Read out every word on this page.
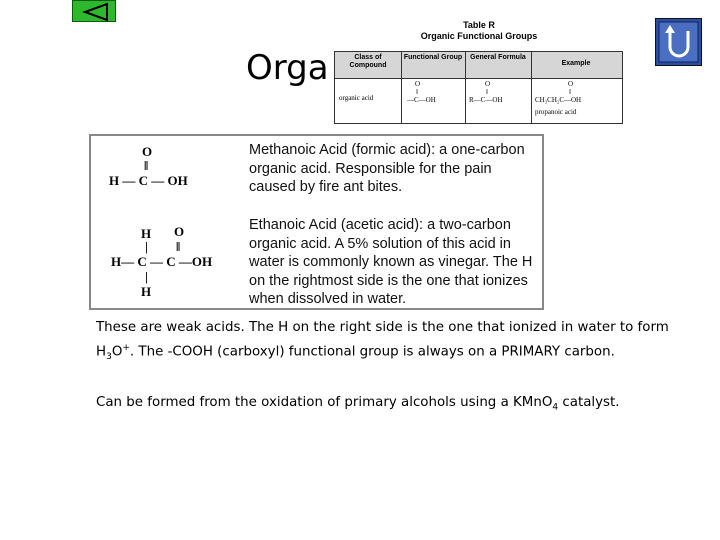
Orga
Table R
Organic Functional Groups
Class of Compound
Functional Group	General Formula
Example
organic acid
O
‖
—C—OH
O
‖
R—C—OH
O
‖
CH₃CH₂C—OH
propanoic acid
O
‖
H — C — OH
Methanoic Acid (formic acid): a one-carbon organic acid. Responsible for the pain caused by fire ant bites.
H O
| ‖
H— C — C —OH
|
H
Ethanoic Acid (acetic acid): a two-carbon organic acid. A 5% solution of this acid in water is commonly known as vinegar. The H on the rightmost side is the one that ionizes when dissolved in water.
These are weak acids. The H on the right side is the one that ionized in water to form $H_3O^+$. The -COOH (carboxyl) functional group is always on a PRIMARY carbon.
Can be formed from the oxidation of primary alcohols using a KMnO$_4$ catalyst.
